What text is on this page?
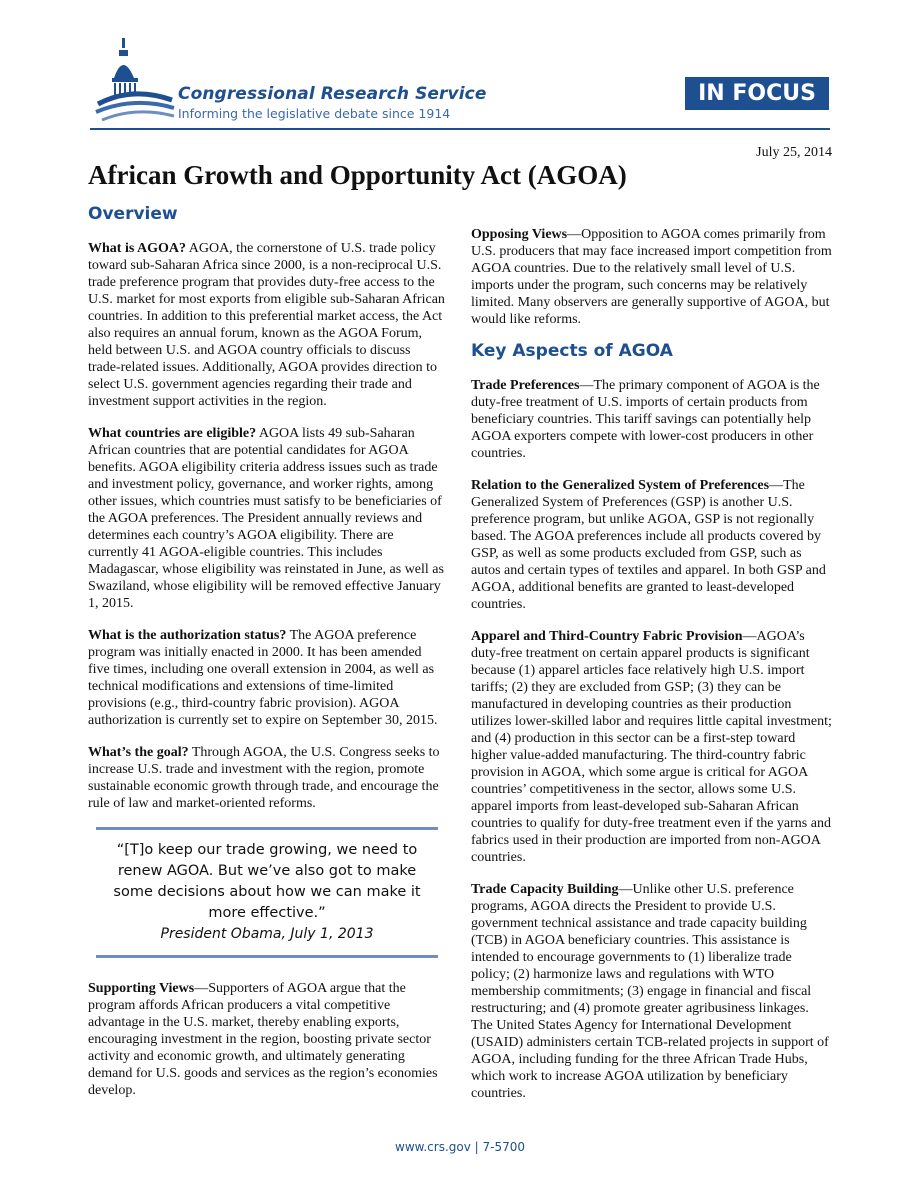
Congressional Research Service
Informing the legislative debate since 1914
IN FOCUS
July 25, 2014
African Growth and Opportunity Act (AGOA)
Overview

What is AGOA? AGOA, the cornerstone of U.S. trade policy toward sub-Saharan Africa since 2000, is a non-reciprocal U.S. trade preference program that provides duty-free access to the U.S. market for most exports from eligible sub-Saharan African countries. In addition to this preferential market access, the Act also requires an annual forum, known as the AGOA Forum, held between U.S. and AGOA country officials to discuss trade-related issues. Additionally, AGOA provides direction to select U.S. government agencies regarding their trade and investment support activities in the region.

What countries are eligible? AGOA lists 49 sub-Saharan African countries that are potential candidates for AGOA benefits. AGOA eligibility criteria address issues such as trade and investment policy, governance, and worker rights, among other issues, which countries must satisfy to be beneficiaries of the AGOA preferences. The President annually reviews and determines each country’s AGOA eligibility. There are currently 41 AGOA-eligible countries. This includes Madagascar, whose eligibility was reinstated in June, as well as Swaziland, whose eligibility will be removed effective January 1, 2015.

What is the authorization status? The AGOA preference program was initially enacted in 2000. It has been amended five times, including one overall extension in 2004, as well as technical modifications and extensions of time-limited provisions (e.g., third-country fabric provision). AGOA authorization is currently set to expire on September 30, 2015.

What’s the goal? Through AGOA, the U.S. Congress seeks to increase U.S. trade and investment with the region, promote sustainable economic growth through trade, and encourage the rule of law and market-oriented reforms.

“[T]o keep our trade growing, we need to renew AGOA. But we’ve also got to make some decisions about how we can make it more effective.”
President Obama, July 1, 2013

Supporting Views—Supporters of AGOA argue that the program affords African producers a vital competitive advantage in the U.S. market, thereby enabling exports, encouraging investment in the region, boosting private sector activity and economic growth, and ultimately generating demand for U.S. goods and services as the region’s economies develop.

Opposing Views—Opposition to AGOA comes primarily from U.S. producers that may face increased import competition from AGOA countries. Due to the relatively small level of U.S. imports under the program, such concerns may be relatively limited. Many observers are generally supportive of AGOA, but would like reforms.

Key Aspects of AGOA

Trade Preferences—The primary component of AGOA is the duty-free treatment of U.S. imports of certain products from beneficiary countries. This tariff savings can potentially help AGOA exporters compete with lower-cost producers in other countries.

Relation to the Generalized System of Preferences—The Generalized System of Preferences (GSP) is another U.S. preference program, but unlike AGOA, GSP is not regionally based. The AGOA preferences include all products covered by GSP, as well as some products excluded from GSP, such as autos and certain types of textiles and apparel. In both GSP and AGOA, additional benefits are granted to least-developed countries.

Apparel and Third-Country Fabric Provision—AGOA’s duty-free treatment on certain apparel products is significant because (1) apparel articles face relatively high U.S. import tariffs; (2) they are excluded from GSP; (3) they can be manufactured in developing countries as their production utilizes lower-skilled labor and requires little capital investment; and (4) production in this sector can be a first-step toward higher value-added manufacturing. The third-country fabric provision in AGOA, which some argue is critical for AGOA countries’ competitiveness in the sector, allows some U.S. apparel imports from least-developed sub-Saharan African countries to qualify for duty-free treatment even if the yarns and fabrics used in their production are imported from non-AGOA countries.

Trade Capacity Building—Unlike other U.S. preference programs, AGOA directs the President to provide U.S. government technical assistance and trade capacity building (TCB) in AGOA beneficiary countries. This assistance is intended to encourage governments to (1) liberalize trade policy; (2) harmonize laws and regulations with WTO membership commitments; (3) engage in financial and fiscal restructuring; and (4) promote greater agribusiness linkages. The United States Agency for International Development (USAID) administers certain TCB-related projects in support of AGOA, including funding for the three African Trade Hubs, which work to increase AGOA utilization by beneficiary countries.

www.crs.gov | 7-5700
